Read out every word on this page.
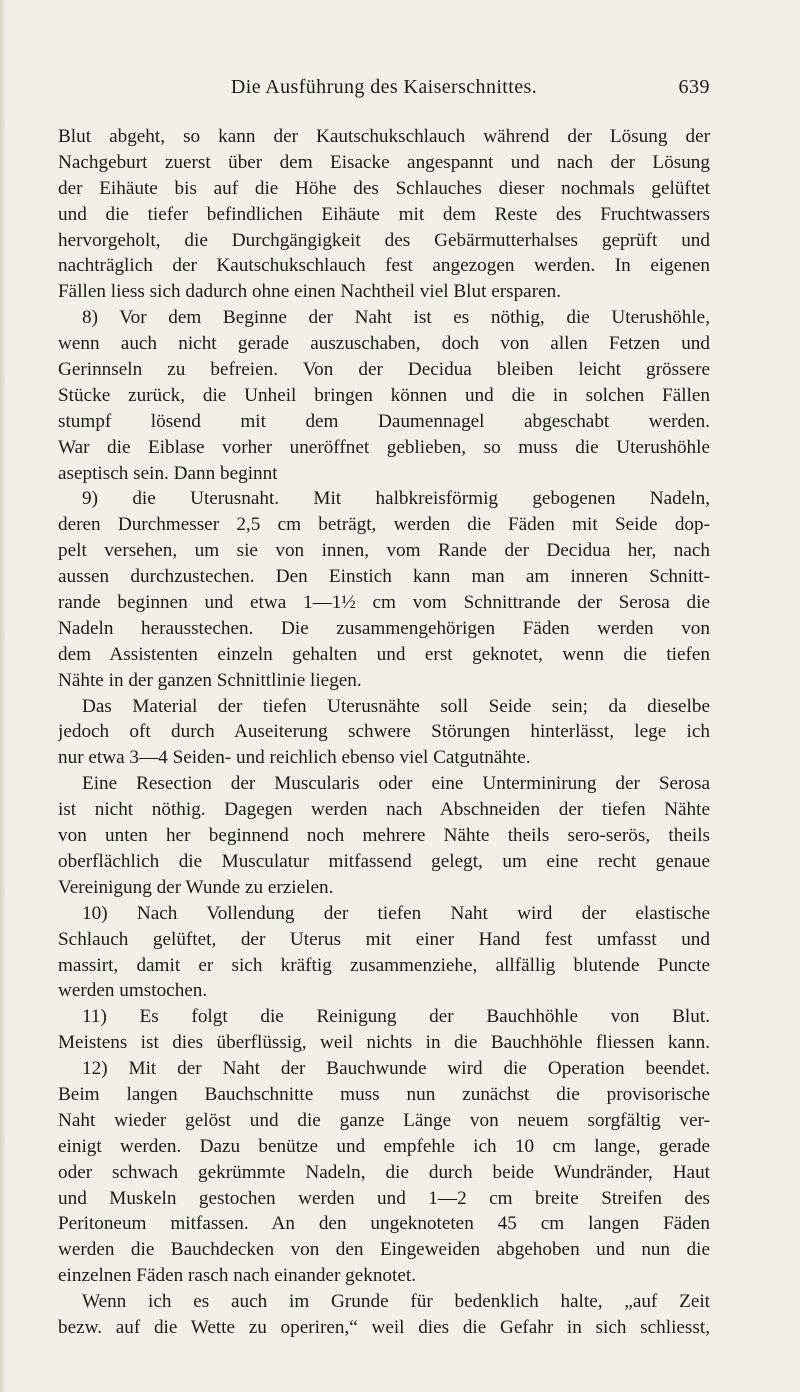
Die Ausführung des Kaiserschnittes.	639
Blut abgeht, so kann der Kautschukschlauch während der Lösung der
Nachgeburt zuerst über dem Eisacke angespannt und nach der Lösung
der Eihäute bis auf die Höhe des Schlauches dieser nochmals gelüftet
und die tiefer befindlichen Eihäute mit dem Reste des Fruchtwassers
hervorgeholt, die Durchgängigkeit des Gebärmutterhalses geprüft und
nachträglich der Kautschukschlauch fest angezogen werden. In eigenen
Fällen liess sich dadurch ohne einen Nachtheil viel Blut ersparen.
8) Vor dem Beginne der Naht ist es nöthig, die Uterushöhle,
wenn auch nicht gerade auszuschaben, doch von allen Fetzen und
Gerinnseln zu befreien. Von der Decidua bleiben leicht grössere
Stücke zurück, die Unheil bringen können und die in solchen Fällen
stumpf lösend mit dem Daumennagel abgeschabt werden.
War die Eiblase vorher uneröffnet geblieben, so muss die Uterushöhle
aseptisch sein. Dann beginnt
9) die Uterusnaht. Mit halbkreisförmig gebogenen Nadeln,
deren Durchmesser 2,5 cm beträgt, werden die Fäden mit Seide dop-
pelt versehen, um sie von innen, vom Rande der Decidua her, nach
aussen durchzustechen. Den Einstich kann man am inneren Schnitt-
rande beginnen und etwa 1—1½ cm vom Schnittrande der Serosa die
Nadeln herausstechen. Die zusammengehörigen Fäden werden von
dem Assistenten einzeln gehalten und erst geknotet, wenn die tiefen
Nähte in der ganzen Schnittlinie liegen.
Das Material der tiefen Uterusnähte soll Seide sein; da dieselbe
jedoch oft durch Auseiterung schwere Störungen hinterlässt, lege ich
nur etwa 3—4 Seiden- und reichlich ebenso viel Catgutnähte.
Eine Resection der Muscularis oder eine Unterminirung der Serosa
ist nicht nöthig. Dagegen werden nach Abschneiden der tiefen Nähte
von unten her beginnend noch mehrere Nähte theils sero-serös, theils
oberflächlich die Musculatur mitfassend gelegt, um eine recht genaue
Vereinigung der Wunde zu erzielen.
10) Nach Vollendung der tiefen Naht wird der elastische
Schlauch gelüftet, der Uterus mit einer Hand fest umfasst und
massirt, damit er sich kräftig zusammenziehe, allfällig blutende Puncte
werden umstochen.
11) Es folgt die Reinigung der Bauchhöhle von Blut.
Meistens ist dies überflüssig, weil nichts in die Bauchhöhle fliessen kann.
12) Mit der Naht der Bauchwunde wird die Operation beendet.
Beim langen Bauchschnitte muss nun zunächst die provisorische
Naht wieder gelöst und die ganze Länge von neuem sorgfältig ver-
einigt werden. Dazu benütze und empfehle ich 10 cm lange, gerade
oder schwach gekrümmte Nadeln, die durch beide Wundränder, Haut
und Muskeln gestochen werden und 1—2 cm breite Streifen des
Peritoneum mitfassen. An den ungeknoteten 45 cm langen Fäden
werden die Bauchdecken von den Eingeweiden abgehoben und nun die
einzelnen Fäden rasch nach einander geknotet.
Wenn ich es auch im Grunde für bedenklich halte, „auf Zeit
bezw. auf die Wette zu operiren,“ weil dies die Gefahr in sich schliesst,
